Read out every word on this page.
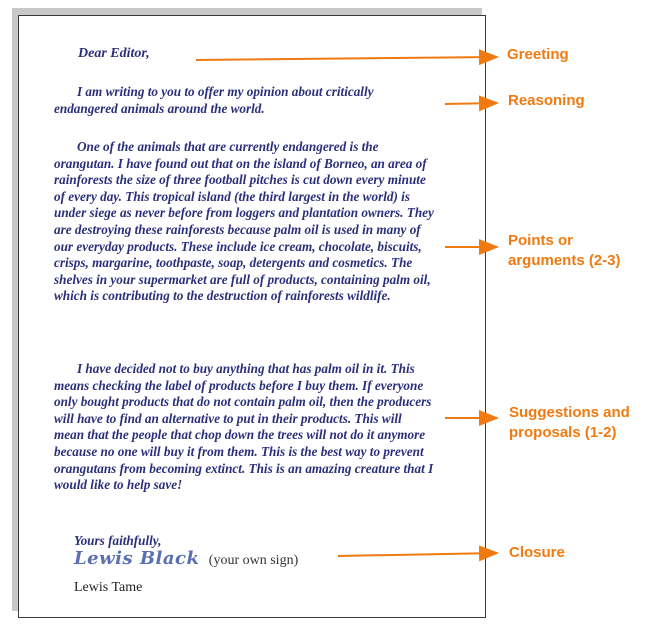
Dear Editor,

I am writing to you to offer my opinion about critically endangered animals around the world.

One of the animals that are currently endangered is the orangutan. I have found out that on the island of Borneo, an area of rainforests the size of three football pitches is cut down every minute of every day. This tropical island (the third largest in the world) is under siege as never before from loggers and plantation owners. They are destroying these rainforests because palm oil is used in many of our everyday products. These include ice cream, chocolate, biscuits, crisps, margarine, toothpaste, soap, detergents and cosmetics. The shelves in your supermarket are full of products, containing palm oil, which is contributing to the destruction of rainforests wildlife.

I have decided not to buy anything that has palm oil in it. This means checking the label of products before I buy them. If everyone only bought products that do not contain palm oil, then the producers will have to find an alternative to put in their products. This will mean that the people that chop down the trees will not do it anymore because no one will buy it from them. This is the best way to prevent orangutans from becoming extinct. This is an amazing creature that I would like to help save!

Yours faithfully,
Lewis Black (your own sign)
Lewis Tame
Greeting
Reasoning
Points or
arguments (2-3)
Suggestions and
proposals (1-2)
Closure
